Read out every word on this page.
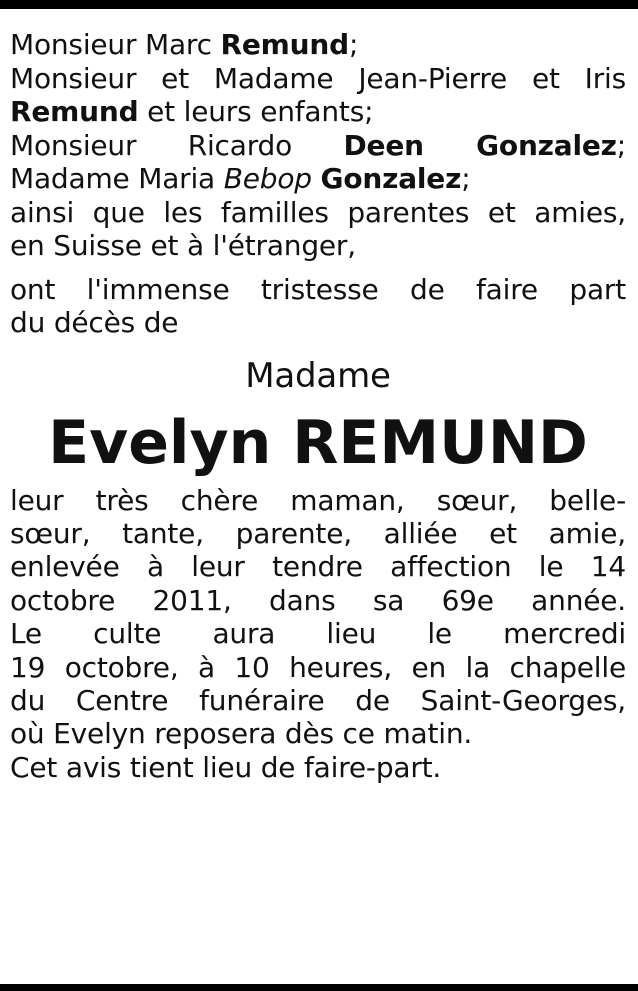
Monsieur Marc Remund;
Monsieur et Madame Jean-Pierre et Iris
Remund et leurs enfants;
Monsieur Ricardo Deen Gonzalez;
Madame Maria Bebop Gonzalez;
ainsi que les familles parentes et amies,
en Suisse et à l'étranger,
ont l'immense tristesse de faire part
du décès de
Madame
Evelyn REMUND
leur très chère maman, sœur, belle-
sœur, tante, parente, alliée et amie,
enlevée à leur tendre affection le 14
octobre 2011, dans sa 69e année.
Le culte aura lieu le mercredi
19 octobre, à 10 heures, en la chapelle
du Centre funéraire de Saint-Georges,
où Evelyn reposera dès ce matin.
Cet avis tient lieu de faire-part.
